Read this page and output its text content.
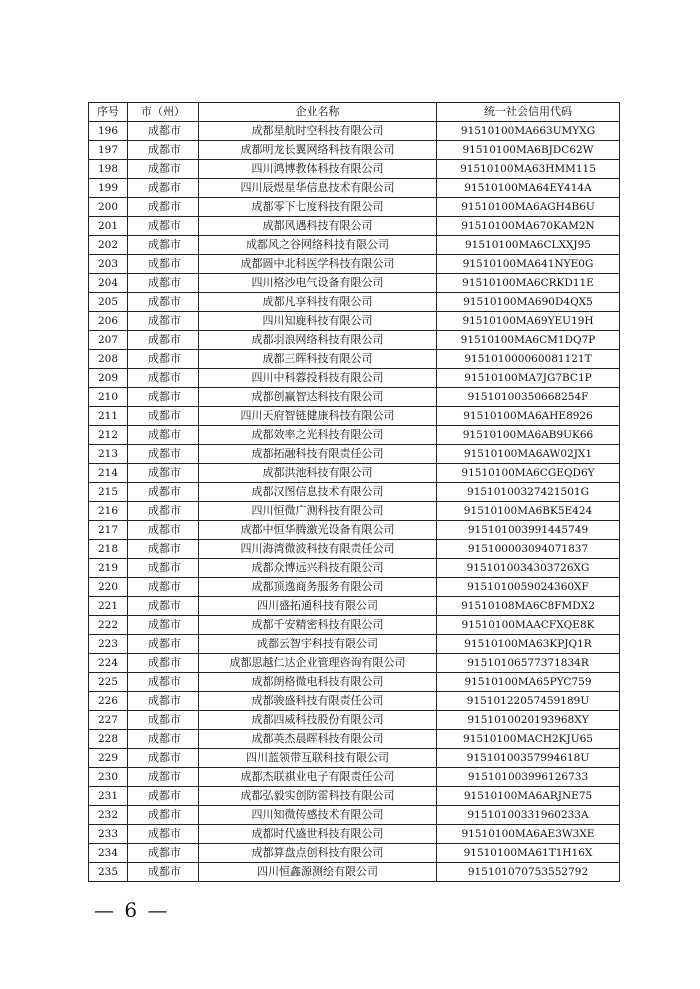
序号	市（州）	企业名称	统一社会信用代码
196	成都市	成都星航时空科技有限公司	91510100MA663UMYXG
197	成都市	成都明龙长翼网络科技有限公司	91510100MA6BJDC62W
198	成都市	四川鸿博教体科技有限公司	91510100MA63HMM115
199	成都市	四川辰煜星华信息技术有限公司	91510100MA64EY414A
200	成都市	成都零下七度科技有限公司	91510100MA6AGH4B6U
201	成都市	成都风遇科技有限公司	91510100MA670KAM2N
202	成都市	成都风之谷网络科技有限公司	91510100MA6CLXXJ95
203	成都市	成都圆中北科医学科技有限公司	91510100MA641NYE0G
204	成都市	四川格沙电气设备有限公司	91510100MA6CRKD11E
205	成都市	成都凡享科技有限公司	91510100MA690D4QX5
206	成都市	四川知鹿科技有限公司	91510100MA69YEU19H
207	成都市	成都羽浪网络科技有限公司	91510100MA6CM1DQ7P
208	成都市	成都三晖科技有限公司	915101000060081121T
209	成都市	四川中科蓉投科技有限公司	91510100MA7JG7BC1P
210	成都市	成都创赢智达科技有限公司	91510100350668254F
211	成都市	四川天府智链健康科技有限公司	91510100MA6AHE8926
212	成都市	成都效率之光科技有限公司	91510100MA6AB9UK66
213	成都市	成都拓融科技有限责任公司	91510100MA6AW02JX1
214	成都市	成都洪池科技有限公司	91510100MA6CGEQD6Y
215	成都市	成都汉图信息技术有限公司	91510100327421501G
216	成都市	四川恒微广测科技有限公司	91510100MA6BK5E424
217	成都市	成都中恒华腾激光设备有限公司	915101003991445749
218	成都市	四川海湾微波科技有限责任公司	915100003094071837
219	成都市	成都众博远兴科技有限公司	9151010034303726XG
220	成都市	成都顶逸商务服务有限公司	9151010059024360XF
221	成都市	四川盛拓通科技有限公司	91510108MA6C8FMDX2
222	成都市	成都千安精密科技有限公司	91510100MAACFXQE8K
223	成都市	成都云智宇科技有限公司	91510100MA63KPJQ1R
224	成都市	成都思越仁达企业管理咨询有限公司	91510106577371834R
225	成都市	成都朗格微电科技有限公司	91510100MA65PYC759
226	成都市	成都骏盛科技有限责任公司	91510122057459189U
227	成都市	成都四威科技股份有限公司	9151010020193968XY
228	成都市	成都英杰晨晖科技有限公司	91510100MACH2KJU65
229	成都市	四川蓝领带互联科技有限公司	91510100357994618U
230	成都市	成都杰联祺业电子有限责任公司	915101003996126733
231	成都市	成都弘毅实创防雷科技有限公司	91510100MA6ARJNE75
232	成都市	四川知微传感技术有限公司	91510100331960233A
233	成都市	成都时代盛世科技有限公司	91510100MA6AE3W3XE
234	成都市	成都算盘点创科技有限公司	91510100MA61T1H16X
235	成都市	四川恒鑫源测绘有限公司	915101070753552792
— 6 —
